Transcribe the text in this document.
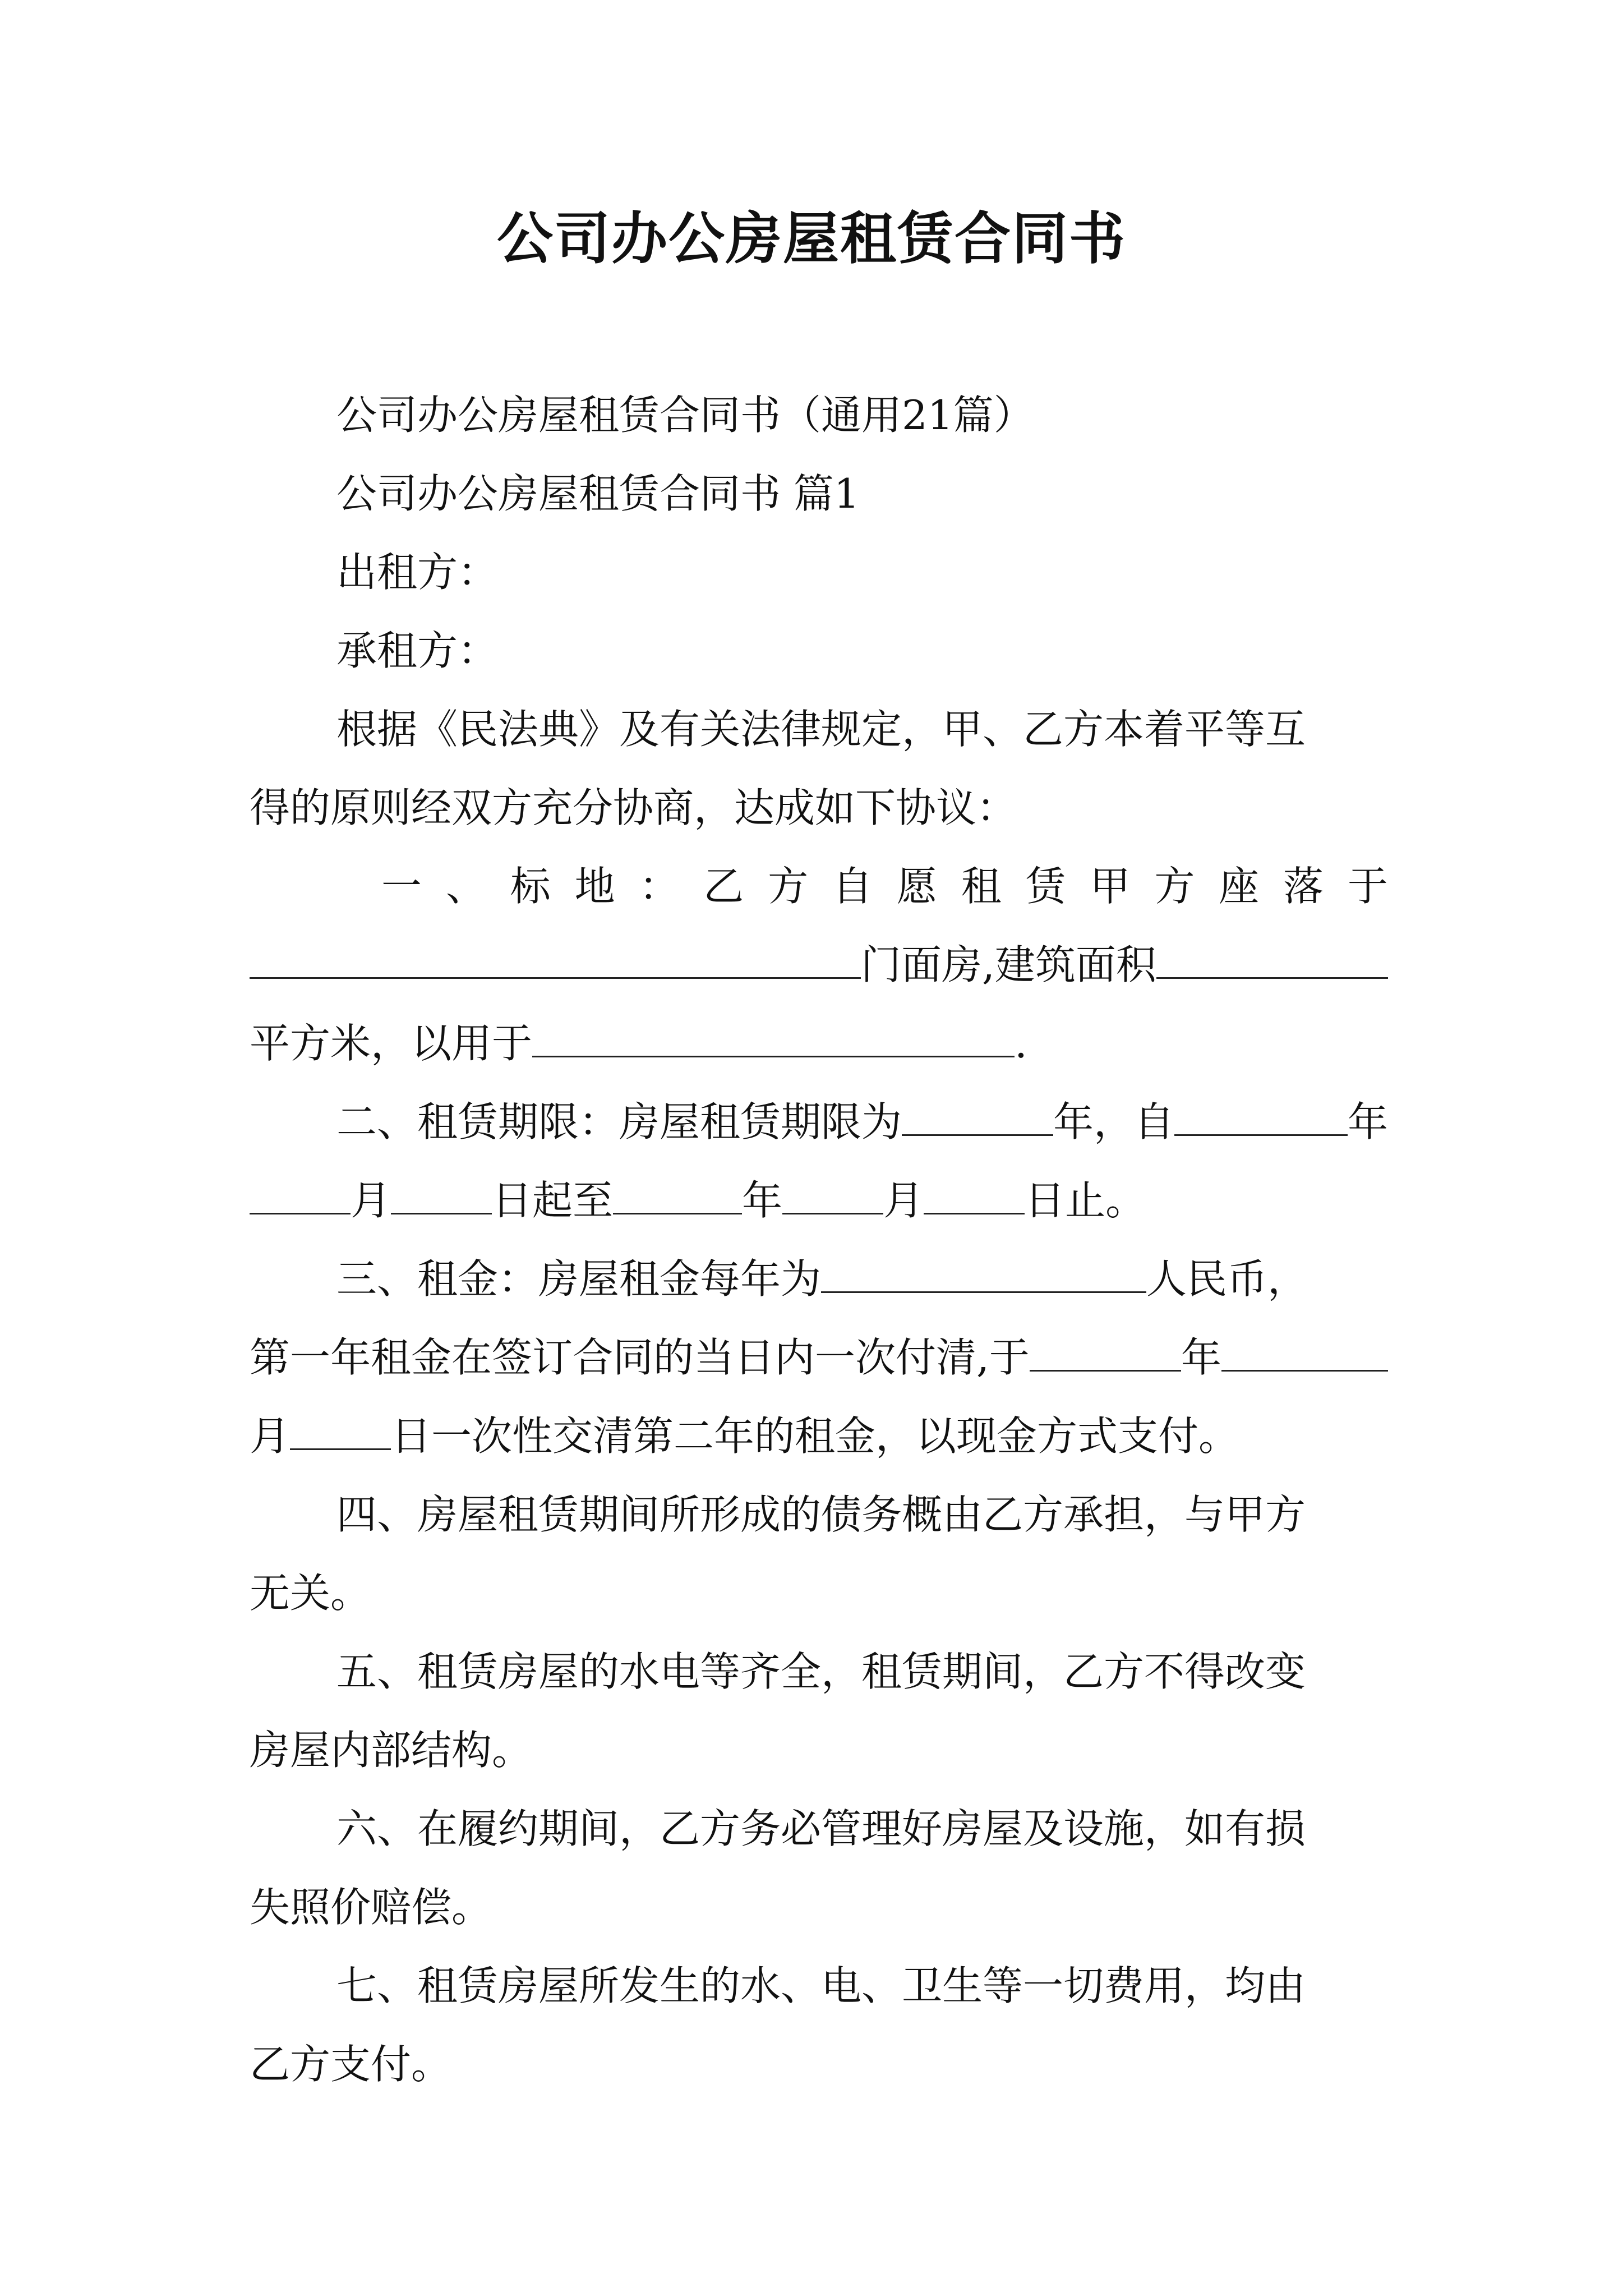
公司办公房屋租赁合同书
公司办公房屋租赁合同书（通用21篇）
公司办公房屋租赁合同书 篇1
出租方：
承租方：
根据《民法典》及有关法律规定，甲、乙方本着平等互
得的原则经双方充分协商，达成如下协议：
一 、 标 地 ： 乙 方 自 愿 租 赁 甲 方 座 落 于
门面房,建筑面积
平方米，以用于	.
二、租赁期限：房屋租赁期限为	年，自	年
月	日起至	年	月	日止。
三、租金：房屋租金每年为	人民币，
第一年租金在签订合同的当日内一次付清,于	年
月	日一次性交清第二年的租金，以现金方式支付。
四、房屋租赁期间所形成的债务概由乙方承担，与甲方
无关。
五、租赁房屋的水电等齐全，租赁期间，乙方不得改变
房屋内部结构。
六、在履约期间，乙方务必管理好房屋及设施，如有损
失照价赔偿。
七、租赁房屋所发生的水、电、卫生等一切费用，均由
乙方支付。
